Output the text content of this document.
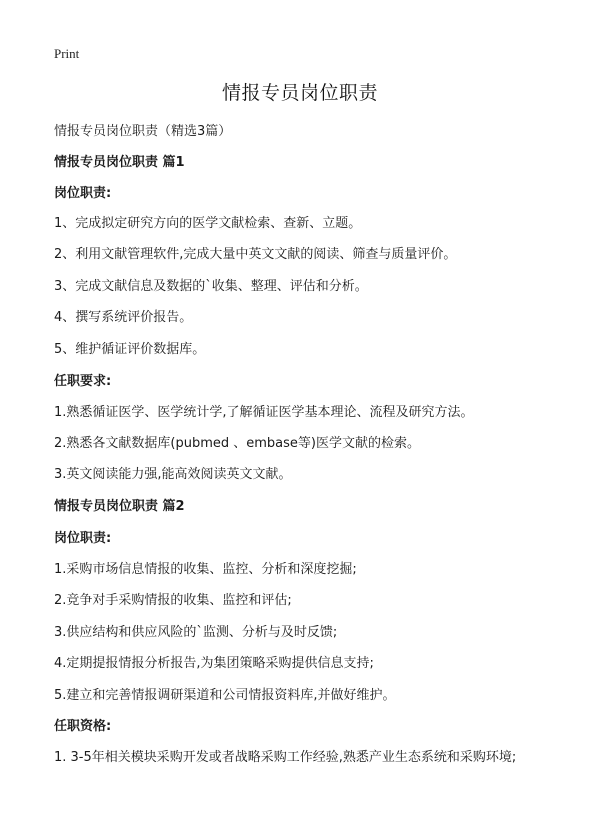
Print
情报专员岗位职责
情报专员岗位职责（精选3篇）
情报专员岗位职责 篇1
岗位职责:
1、完成拟定研究方向的医学文献检索、查新、立题。
2、利用文献管理软件,完成大量中英文文献的阅读、筛查与质量评价。
3、完成文献信息及数据的`收集、整理、评估和分析。
4、撰写系统评价报告。
5、维护循证评价数据库。
任职要求:
1.熟悉循证医学、医学统计学,了解循证医学基本理论、流程及研究方法。
2.熟悉各文献数据库(pubmed 、embase等)医学文献的检索。
3.英文阅读能力强,能高效阅读英文文献。
情报专员岗位职责 篇2
岗位职责:
1.采购市场信息情报的收集、监控、分析和深度挖掘;
2.竞争对手采购情报的收集、监控和评估;
3.供应结构和供应风险的`监测、分析与及时反馈;
4.定期提报情报分析报告,为集团策略采购提供信息支持;
5.建立和完善情报调研渠道和公司情报资料库,并做好维护。
任职资格:
1. 3-5年相关模块采购开发或者战略采购工作经验,熟悉产业生态系统和采购环境;
